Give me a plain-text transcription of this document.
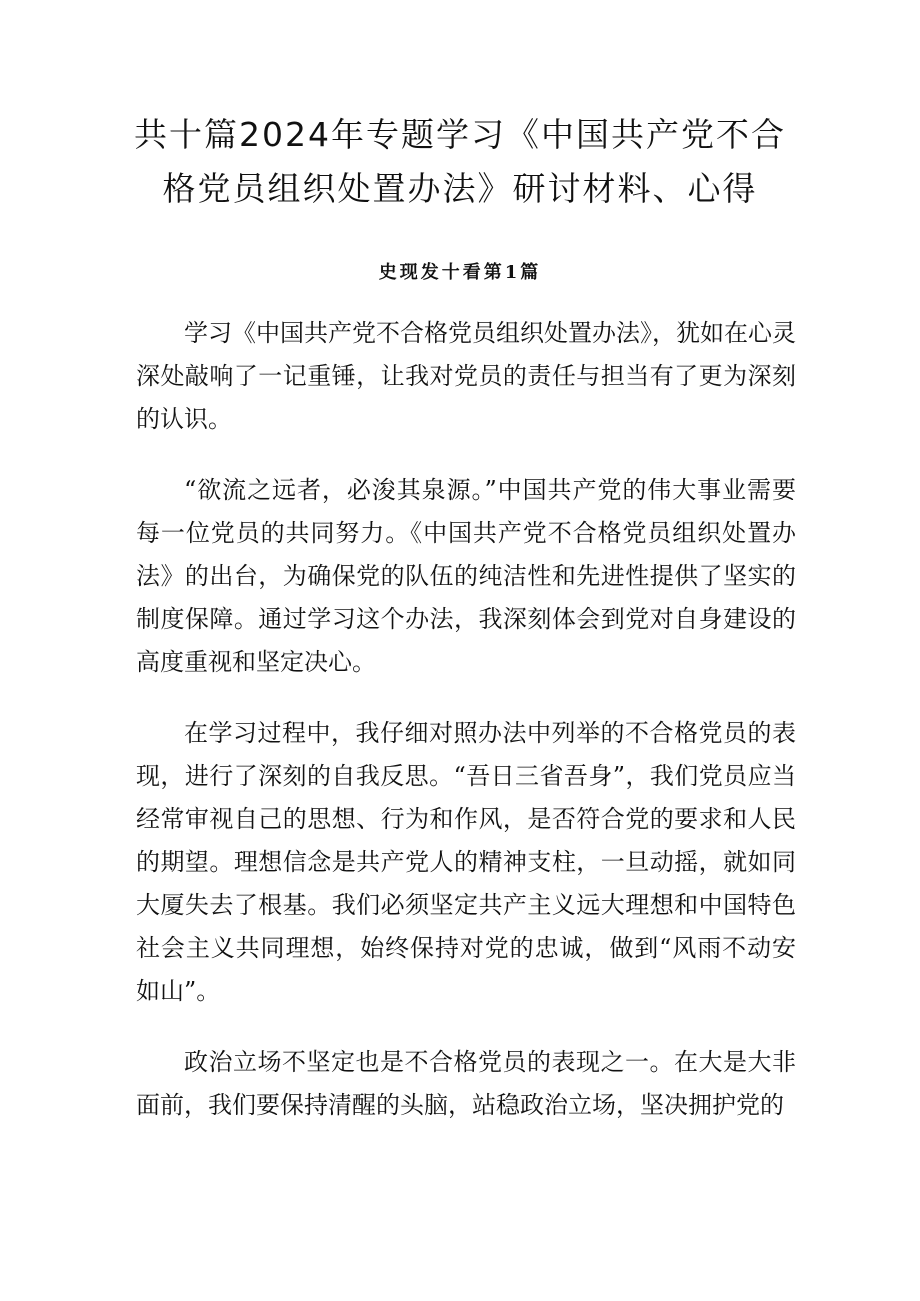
共十篇2024年专题学习《中国共产党不合
格党员组织处置办法》研讨材料、心得
史现发十看第1篇

学习《中国共产党不合格党员组织处置办法》，犹如在心灵深处敲响了一记重锤，让我对党员的责任与担当有了更为深刻的认识。

“欲流之远者，必浚其泉源。”中国共产党的伟大事业需要每一位党员的共同努力。《中国共产党不合格党员组织处置办法》的出台，为确保党的队伍的纯洁性和先进性提供了坚实的制度保障。通过学习这个办法，我深刻体会到党对自身建设的高度重视和坚定决心。

在学习过程中，我仔细对照办法中列举的不合格党员的表现，进行了深刻的自我反思。“吾日三省吾身”，我们党员应当经常审视自己的思想、行为和作风，是否符合党的要求和人民的期望。理想信念是共产党人的精神支柱，一旦动摇，就如同大厦失去了根基。我们必须坚定共产主义远大理想和中国特色社会主义共同理想，始终保持对党的忠诚，做到“风雨不动安如山”。

政治立场不坚定也是不合格党员的表现之一。在大是大非面前，我们要保持清醒的头脑，站稳政治立场，坚决拥护党的
